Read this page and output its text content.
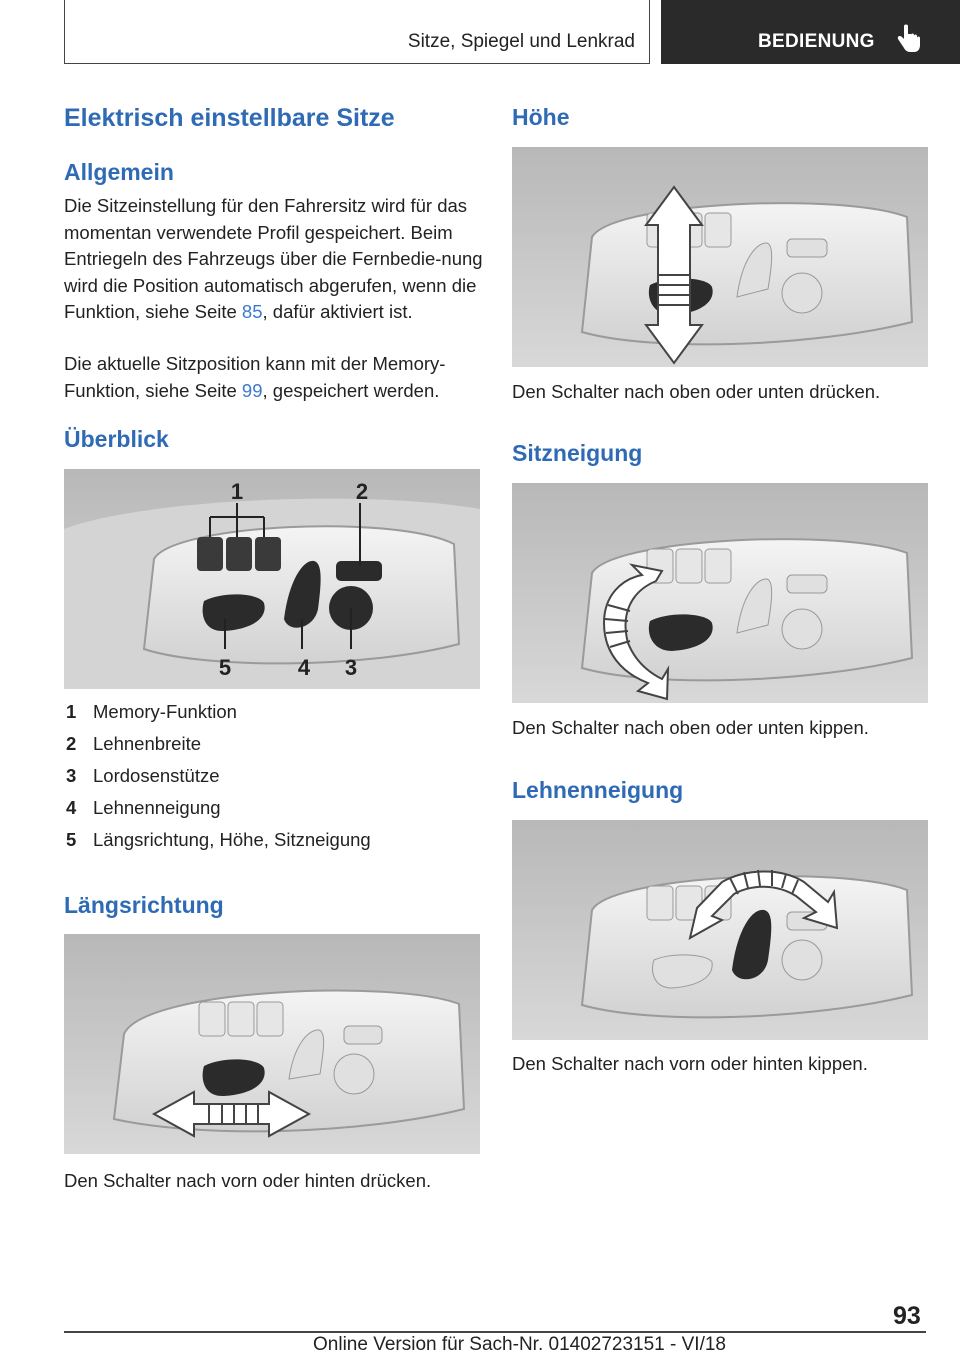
Sitze, Spiegel und Lenkrad	BEDIENUNG
Elektrisch einstellbare Sitze
Allgemein
Die Sitzeinstellung für den Fahrersitz wird für das momentan verwendete Profil gespeichert. Beim Entriegeln des Fahrzeugs über die Fernbedie-nung wird die Position automatisch abgerufen, wenn die Funktion, siehe Seite 85, dafür aktiviert ist.
Die aktuelle Sitzposition kann mit der Memory-Funktion, siehe Seite 99, gespeichert werden.
Überblick
1	2
5	4 3
1 Memory-Funktion
2 Lehnenbreite
3 Lordosenstütze
4 Lehnenneigung
5 Längsrichtung, Höhe, Sitzneigung
Längsrichtung
Den Schalter nach vorn oder hinten drücken.
Höhe
Den Schalter nach oben oder unten drücken.
Sitzneigung
Den Schalter nach oben oder unten kippen.
Lehnenneigung
Den Schalter nach vorn oder hinten kippen.
93
Online Version für Sach-Nr. 01402723151 - VI/18
